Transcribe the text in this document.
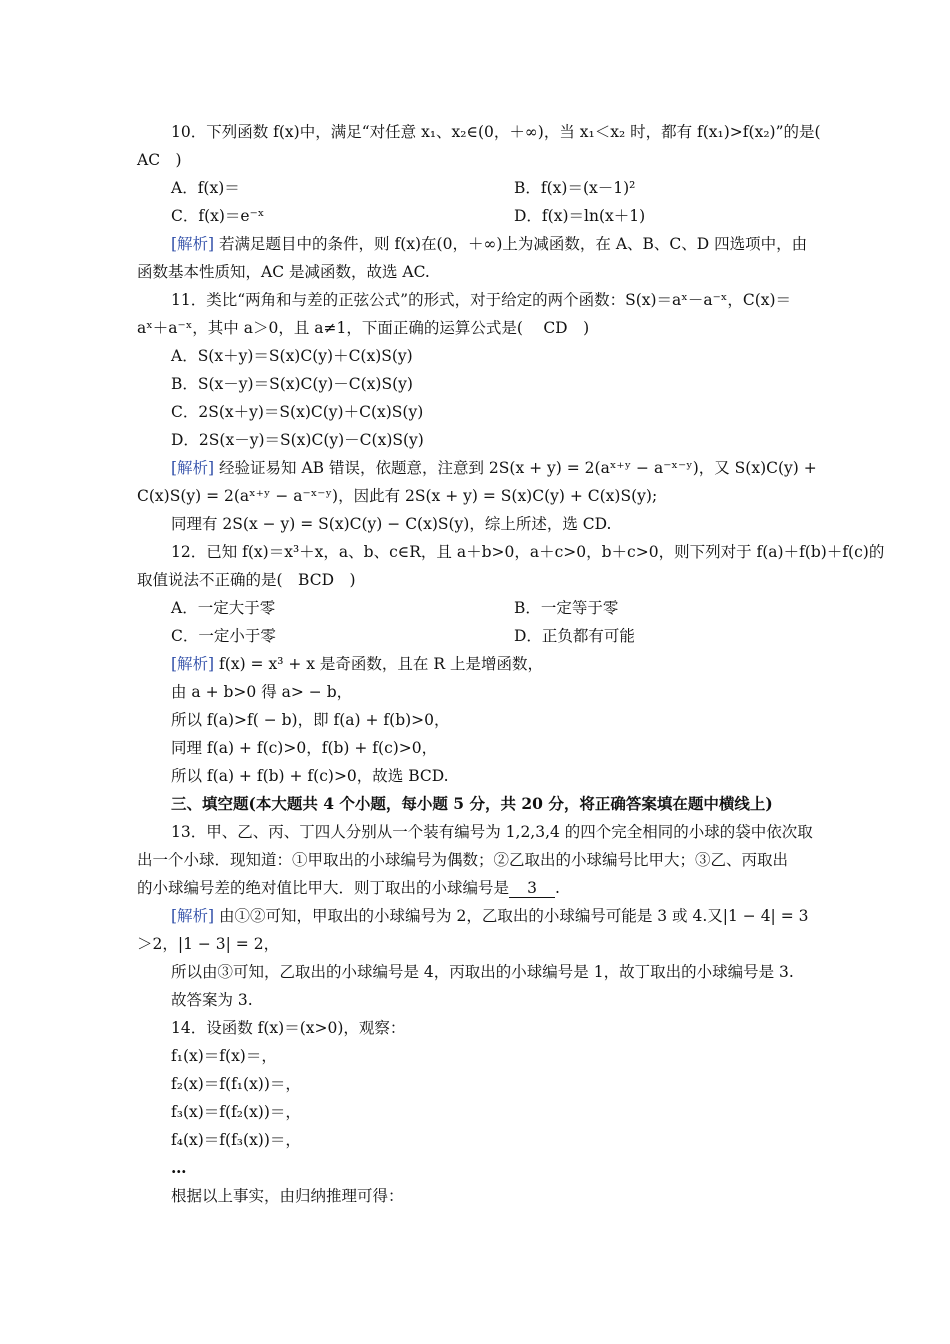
10．下列函数 f(x)中，满足“对任意 x₁、x₂∈(0，＋∞)，当 x₁＜x₂ 时，都有 f(x₁)>f(x₂)”的是(
AC　)
A．f(x)＝	B．f(x)＝(x－1)²
C．f(x)＝e⁻ˣ	D．f(x)＝ln(x＋1)
[解析] 若满足题目中的条件，则 f(x)在(0，＋∞)上为减函数，在 A、B、C、D 四选项中，由
函数基本性质知，AC 是减函数，故选 AC.
11．类比“两角和与差的正弦公式”的形式，对于给定的两个函数：S(x)＝aˣ－a⁻ˣ，C(x)＝
aˣ＋a⁻ˣ，其中 a＞0，且 a≠1，下面正确的运算公式是(　 CD　)
A．S(x＋y)＝S(x)C(y)＋C(x)S(y)
B．S(x－y)＝S(x)C(y)－C(x)S(y)
C．2S(x＋y)＝S(x)C(y)＋C(x)S(y)
D．2S(x－y)＝S(x)C(y)－C(x)S(y)
[解析] 经验证易知 AB 错误，依题意，注意到 2S(x + y) = 2(aˣ⁺ʸ − a⁻ˣ⁻ʸ)，又 S(x)C(y) +
C(x)S(y) = 2(aˣ⁺ʸ − a⁻ˣ⁻ʸ)，因此有 2S(x + y) = S(x)C(y) + C(x)S(y);
同理有 2S(x − y) = S(x)C(y) − C(x)S(y)，综上所述，选 CD.
12．已知 f(x)＝x³＋x，a、b、c∈R，且 a＋b>0，a＋c>0，b＋c>0，则下列对于 f(a)＋f(b)＋f(c)的
取值说法不正确的是(　BCD　)
A．一定大于零	B．一定等于零
C．一定小于零	D．正负都有可能
[解析] f(x) = x³ + x 是奇函数，且在 R 上是增函数，
由 a + b>0 得 a> − b，
所以 f(a)>f( − b)，即 f(a) + f(b)>0，
同理 f(a) + f(c)>0，f(b) + f(c)>0，
所以 f(a) + f(b) + f(c)>0，故选 BCD.
三、填空题(本大题共 4 个小题，每小题 5 分，共 20 分，将正确答案填在题中横线上)
13．甲、乙、丙、丁四人分别从一个装有编号为 1,2,3,4 的四个完全相同的小球的袋中依次取
出一个小球．现知道：①甲取出的小球编号为偶数；②乙取出的小球编号比甲大；③乙、丙取出
的小球编号差的绝对值比甲大．则丁取出的小球编号是 3 .
[解析] 由①②可知，甲取出的小球编号为 2，乙取出的小球编号可能是 3 或 4.又|1 − 4| = 3
＞2，|1 − 3| = 2，
所以由③可知，乙取出的小球编号是 4，丙取出的小球编号是 1，故丁取出的小球编号是 3.
故答案为 3.
14．设函数 f(x)＝(x>0)，观察：
f₁(x)＝f(x)＝，
f₂(x)＝f(f₁(x))＝，
f₃(x)＝f(f₂(x))＝，
f₄(x)＝f(f₃(x))＝，
…
根据以上事实，由归纳推理可得：
